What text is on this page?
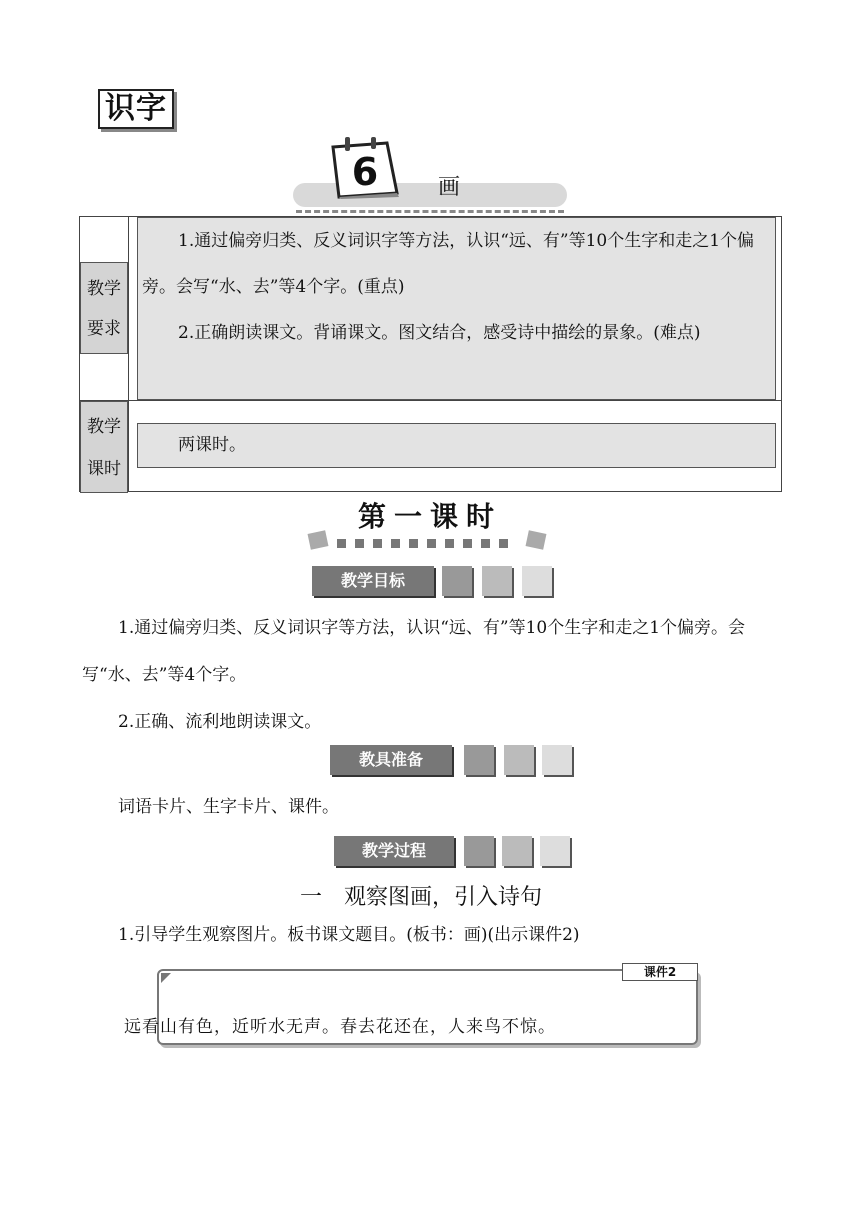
识字
6	画
教学要求

1.通过偏旁归类、反义词识字等方法，认识“远、有”等10个生字和走之1个偏旁。会写“水、去”等4个字。(重点)

2.正确朗读课文。背诵课文。图文结合，感受诗中描绘的景象。(难点)

教学课时
两课时。
第一课时
教学目标

1.通过偏旁归类、反义词识字等方法，认识“远、有”等10个生字和走之1个偏旁。会写“水、去”等4个字。

2.正确、流利地朗读课文。

教具准备
词语卡片、生字卡片、课件。
教学过程
一　观察图画，引入诗句
1.引导学生观察图片。板书课文题目。(板书：画)(出示课件2)
课件2
远看山有色，近听水无声。春去花还在，人来鸟不惊。
